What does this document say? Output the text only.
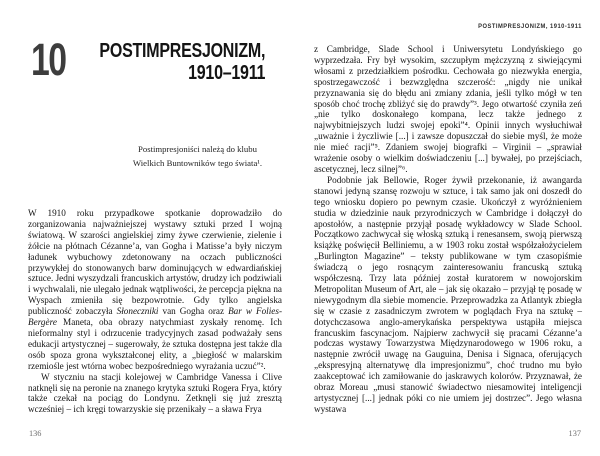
10 POSTIMPRESJONIZM,
1910–1911
Postimpresjoniści należą do klubu
Wielkich Buntowników tego świata¹.

W 1910 roku przypadkowe spotkanie doprowadziło do zorganizowania najważniejszej wystawy sztuki przed I wojną światową. W szarości angielskiej zimy żywe czerwienie, zielenie i żółcie na płótnach Cézanne’a, van Gogha i Matisse’a były niczym ładunek wybuchowy zdetonowany na oczach publiczności przywykłej do stonowanych barw dominujących w edwardiańskiej sztuce. Jedni wyszydzali francuskich artystów, drudzy ich podziwiali i wychwalali, nie ulegało jednak wątpliwości, że percepcja piękna na Wyspach zmieniła się bezpowrotnie. Gdy tylko angielska publiczność zobaczyła Słoneczniki van Gogha oraz Bar w Folies-Bergère Maneta, oba obrazy natychmiast zyskały renomę. Ich nieformalny styl i odrzucenie tradycyjnych zasad podważały sens edukacji artystycznej – sugerowały, że sztuka dostępna jest także dla osób spoza grona wykształconej elity, a „biegłość w malarskim rzemiośle jest wtórna wobec bezpośredniego wyrażania uczuć”².

W styczniu na stacji kolejowej w Cambridge Vanessa i Clive natknęli się na peronie na znanego krytyka sztuki Rogera Frya, który także czekał na pociąg do Londynu. Zetknęli się już zresztą wcześniej – ich kręgi towarzyskie się przenikały – a sława Frya

136
POSTIMPRESJONIZM, 1910-1911

z Cambridge, Slade School i Uniwersytetu Londyńskiego go wyprzedzała. Fry był wysokim, szczupłym mężczyzną z siwiejącymi włosami z przedziałkiem pośrodku. Cechowała go niezwykła energia, spostrzegawczość i bezwzględna szczerość: „nigdy nie unikał przyznawania się do błędu ani zmiany zdania, jeśli tylko mógł w ten sposób choć trochę zbliżyć się do prawdy”³. Jego otwartość czyniła zeń „nie tylko doskonałego kompana, lecz także jednego z najwybitniejszych ludzi swojej epoki”⁴. Opinii innych wysłuchiwał „uważnie i życzliwie [...] i zawsze dopuszczał do siebie myśl, że może nie mieć racji”⁵. Zdaniem swojej biografki – Virginii – „sprawiał wrażenie osoby o wielkim doświadczeniu [...] bywałej, po przejściach, ascetycznej, lecz silnej”⁶.

Podobnie jak Bellowie, Roger żywił przekonanie, iż awangarda stanowi jedyną szansę rozwoju w sztuce, i tak samo jak oni doszedł do tego wniosku dopiero po pewnym czasie. Ukończył z wyróżnieniem studia w dziedzinie nauk przyrodniczych w Cambridge i dołączył do apostołów, a następnie przyjął posadę wykładowcy w Slade School. Początkowo zachwycał się włoską sztuką i renesansem, swoją pierwszą książkę poświęcił Belliniemu, a w 1903 roku został współzałożycielem „Burlington Magazine” – teksty publikowane w tym czasopiśmie świadczą o jego rosnącym zainteresowaniu francuską sztuką współczesną. Trzy lata później został kuratorem w nowojorskim Metropolitan Museum of Art, ale – jak się okazało – przyjął tę posadę w niewygodnym dla siebie momencie. Przeprowadzka za Atlantyk zbiegła się w czasie z zasadniczym zwrotem w poglądach Frya na sztukę – dotychczasowa anglo-amerykańska perspektywa ustąpiła miejsca francuskim fascynacjom. Najpierw zachwycił się pracami Cézanne’a podczas wystawy Towarzystwa Międzynarodowego w 1906 roku, a następnie zwrócił uwagę na Gauguina, Denisa i Signaca, oferujących „ekspresyjną alternatywę dla impresjonizmu”, choć trudno mu było zaakceptować ich zamiłowanie do jaskrawych kolorów. Przyznawał, że obraz Moreau „musi stanowić świadectwo niesamowitej inteligencji artystycznej [...] jednak póki co nie umiem jej dostrzec”. Jego własna wystawa

137
